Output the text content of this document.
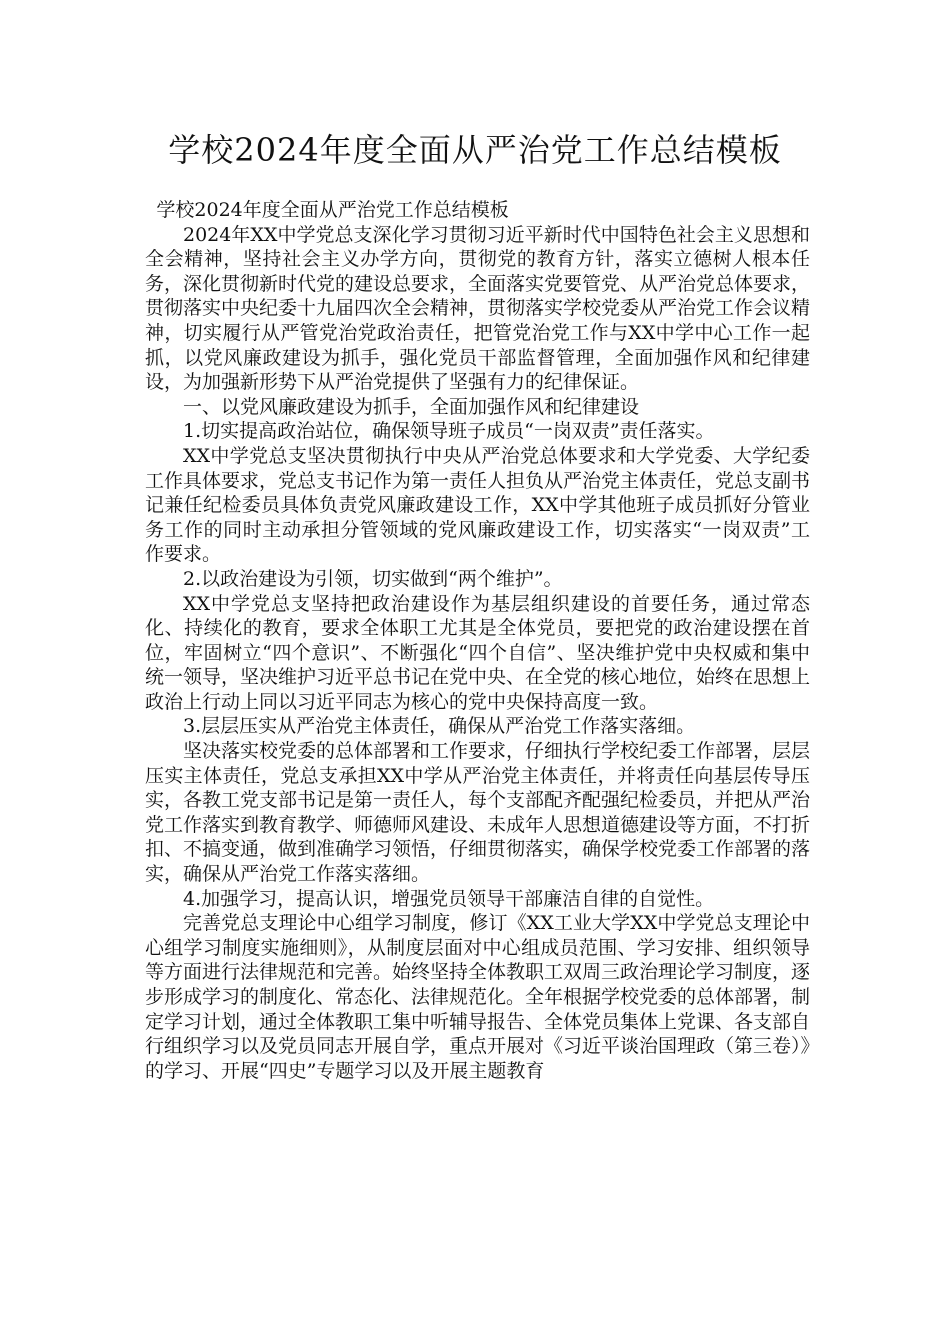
学校2024年度全面从严治党工作总结模板

学校2024年度全面从严治党工作总结模板

2024年XX中学党总支深化学习贯彻习近平新时代中国特色社会主义思想和全会精神，坚持社会主义办学方向，贯彻党的教育方针，落实立德树人根本任务，深化贯彻新时代党的建设总要求，全面落实党要管党、从严治党总体要求，贯彻落实中央纪委十九届四次全会精神，贯彻落实学校党委从严治党工作会议精神，切实履行从严管党治党政治责任，把管党治党工作与XX中学中心工作一起抓，以党风廉政建设为抓手，强化党员干部监督管理，全面加强作风和纪律建设，为加强新形势下从严治党提供了坚强有力的纪律保证。

一、以党风廉政建设为抓手，全面加强作风和纪律建设

1.切实提高政治站位，确保领导班子成员“一岗双责”责任落实。

XX中学党总支坚决贯彻执行中央从严治党总体要求和大学党委、大学纪委工作具体要求，党总支书记作为第一责任人担负从严治党主体责任，党总支副书记兼任纪检委员具体负责党风廉政建设工作，XX中学其他班子成员抓好分管业务工作的同时主动承担分管领域的党风廉政建设工作，切实落实“一岗双责”工作要求。

2.以政治建设为引领，切实做到“两个维护”。

XX中学党总支坚持把政治建设作为基层组织建设的首要任务，通过常态化、持续化的教育，要求全体职工尤其是全体党员，要把党的政治建设摆在首位，牢固树立“四个意识”、不断强化“四个自信”、坚决维护党中央权威和集中统一领导，坚决维护习近平总书记在党中央、在全党的核心地位，始终在思想上政治上行动上同以习近平同志为核心的党中央保持高度一致。

3.层层压实从严治党主体责任，确保从严治党工作落实落细。

坚决落实校党委的总体部署和工作要求，仔细执行学校纪委工作部署，层层压实主体责任，党总支承担XX中学从严治党主体责任，并将责任向基层传导压实，各教工党支部书记是第一责任人，每个支部配齐配强纪检委员，并把从严治党工作落实到教育教学、师德师风建设、未成年人思想道德建设等方面，不打折扣、不搞变通，做到准确学习领悟，仔细贯彻落实，确保学校党委工作部署的落实，确保从严治党工作落实落细。

4.加强学习，提高认识，增强党员领导干部廉洁自律的自觉性。

完善党总支理论中心组学习制度，修订《XX工业大学XX中学党总支理论中心组学习制度实施细则》，从制度层面对中心组成员范围、学习安排、组织领导等方面进行法律规范和完善。始终坚持全体教职工双周三政治理论学习制度，逐步形成学习的制度化、常态化、法律规范化。全年根据学校党委的总体部署，制定学习计划，通过全体教职工集中听辅导报告、全体党员集体上党课、各支部自行组织学习以及党员同志开展自学，重点开展对《习近平谈治国理政（第三卷）》的学习、开展“四史”专题学习以及开展主题教育
